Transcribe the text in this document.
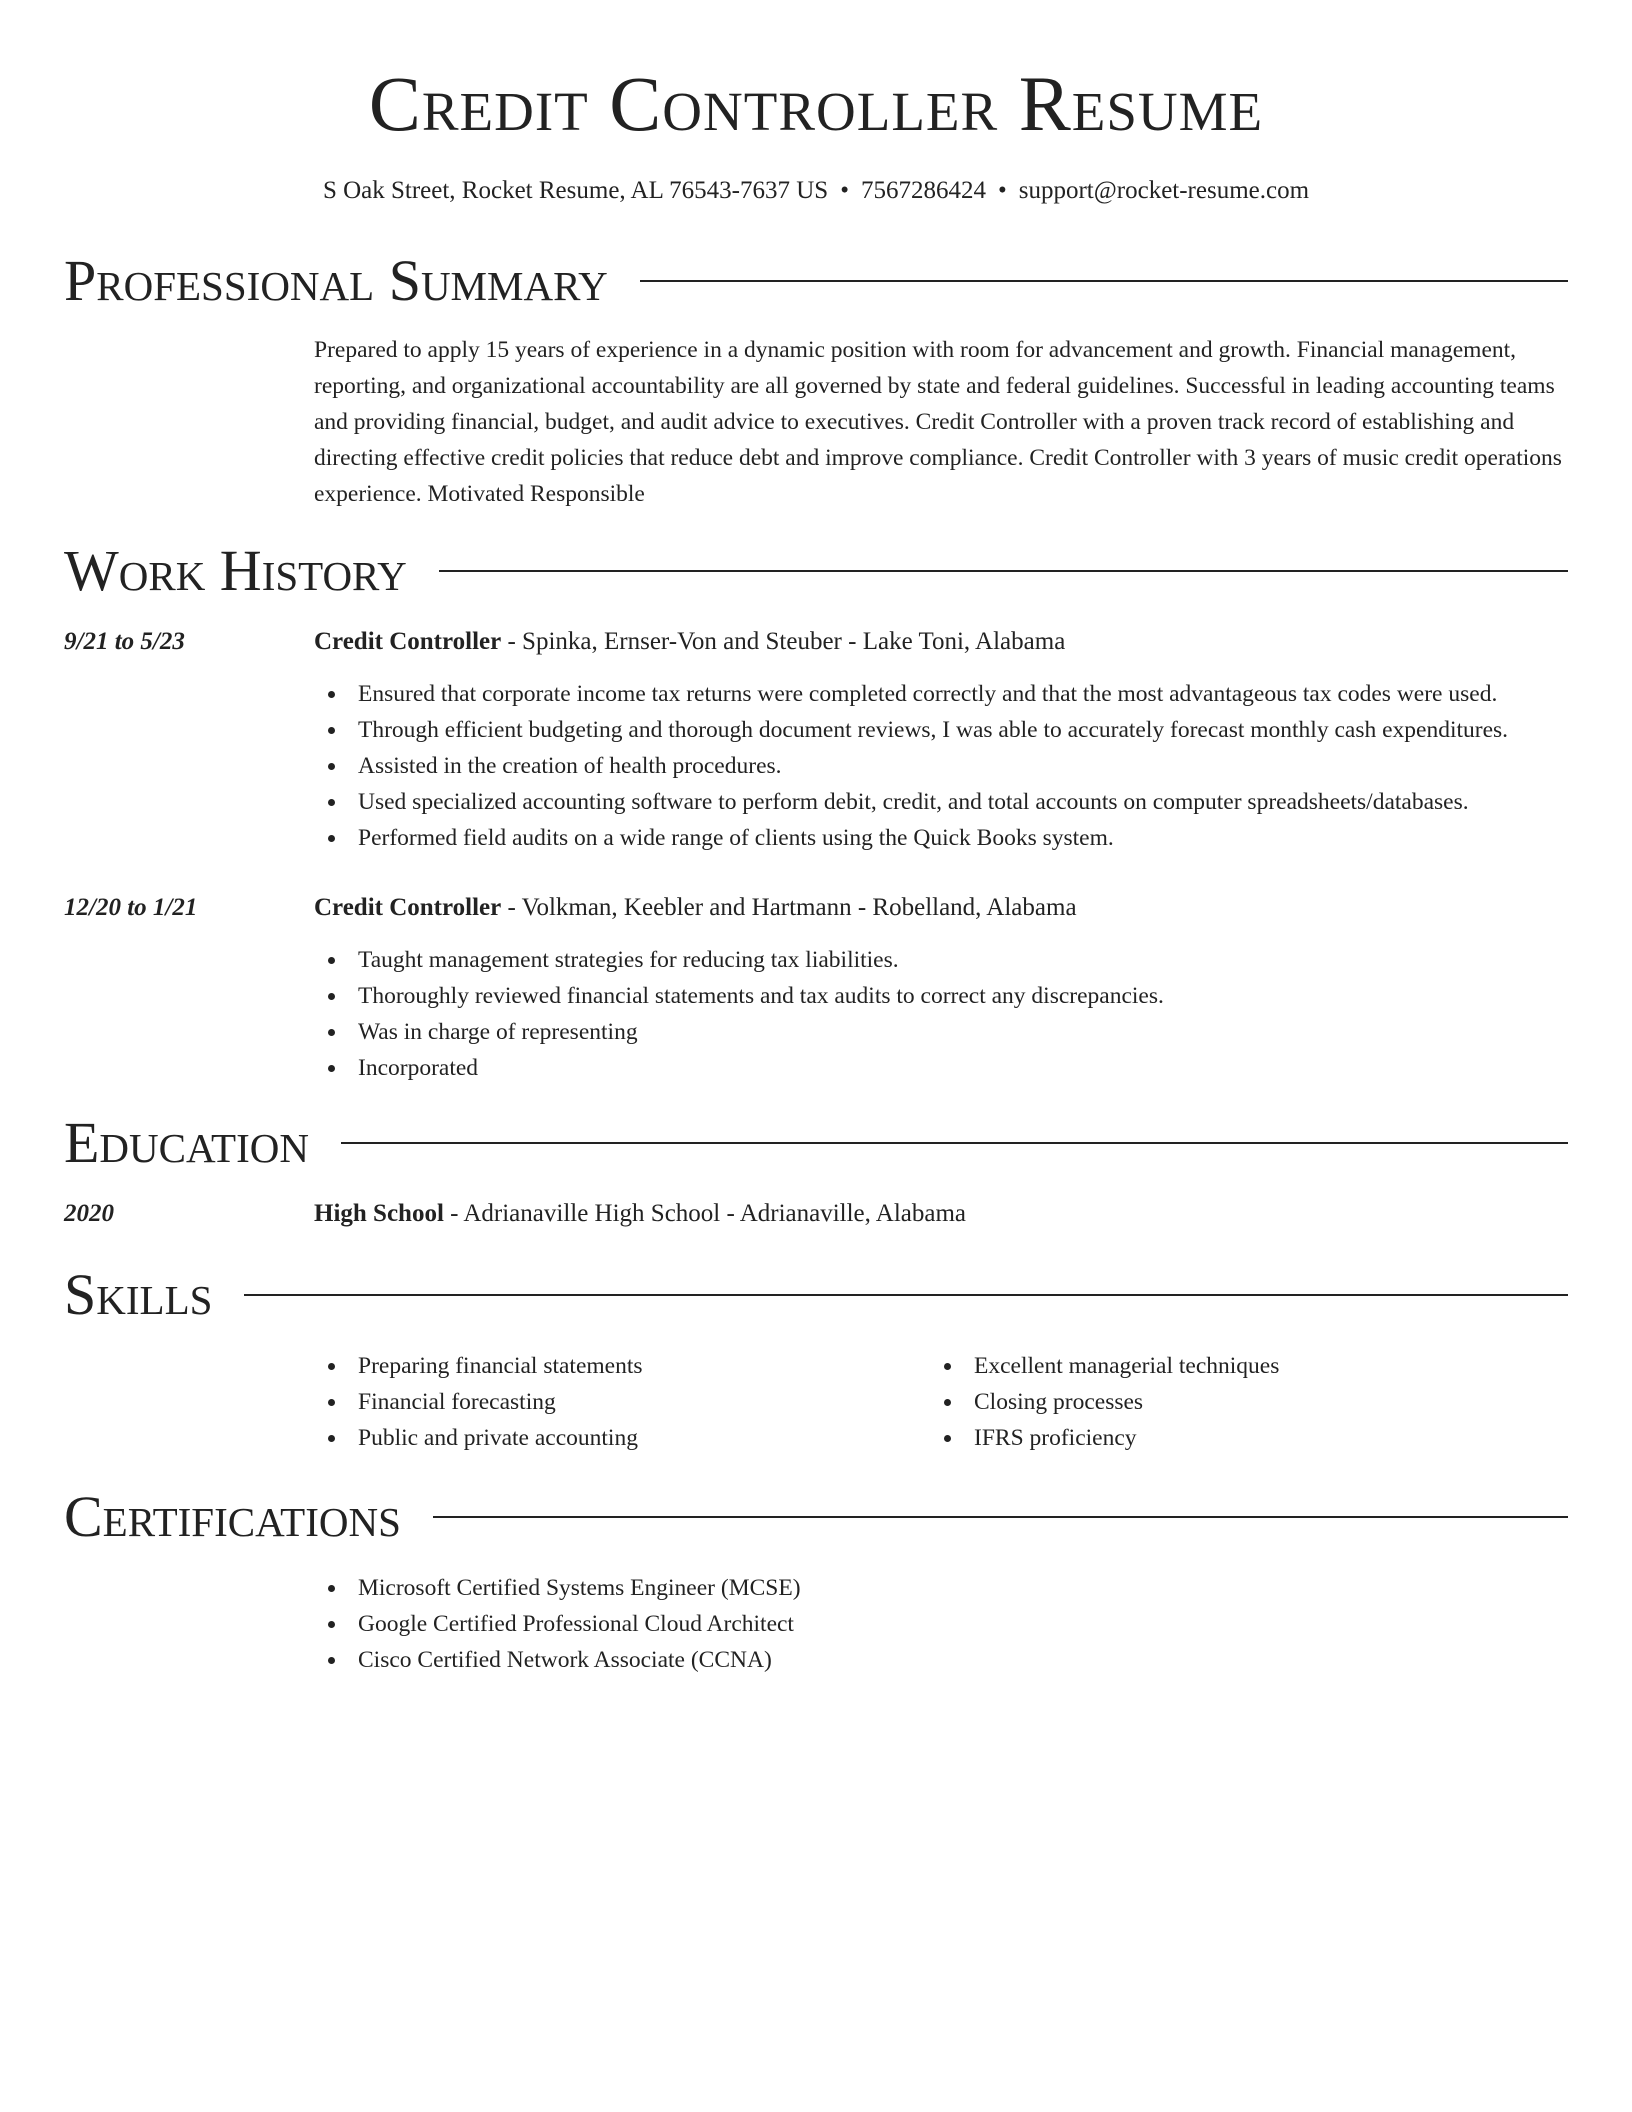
Credit Controller Resume
S Oak Street, Rocket Resume, AL 76543-7637 US • 7567286424 • support@rocket-resume.com
Professional Summary
Prepared to apply 15 years of experience in a dynamic position with room for advancement and growth. Financial management, reporting, and organizational accountability are all governed by state and federal guidelines. Successful in leading accounting teams and providing financial, budget, and audit advice to executives. Credit Controller with a proven track record of establishing and directing effective credit policies that reduce debt and improve compliance. Credit Controller with 3 years of music credit operations experience. Motivated Responsible
Work History
9/21 to 5/23	Credit Controller - Spinka, Ernser-Von and Steuber - Lake Toni, Alabama
Ensured that corporate income tax returns were completed correctly and that the most advantageous tax codes were used.
Through efficient budgeting and thorough document reviews, I was able to accurately forecast monthly cash expenditures.
Assisted in the creation of health procedures.
Used specialized accounting software to perform debit, credit, and total accounts on computer spreadsheets/databases.
Performed field audits on a wide range of clients using the Quick Books system.
12/20 to 1/21	Credit Controller - Volkman, Keebler and Hartmann - Robelland, Alabama
Taught management strategies for reducing tax liabilities.
Thoroughly reviewed financial statements and tax audits to correct any discrepancies.
Was in charge of representing
Incorporated
Education
2020	High School - Adrianaville High School - Adrianaville, Alabama
Skills
Preparing financial statements
Financial forecasting
Public and private accounting
Excellent managerial techniques
Closing processes
IFRS proficiency
Certifications
Microsoft Certified Systems Engineer (MCSE)
Google Certified Professional Cloud Architect
Cisco Certified Network Associate (CCNA)
